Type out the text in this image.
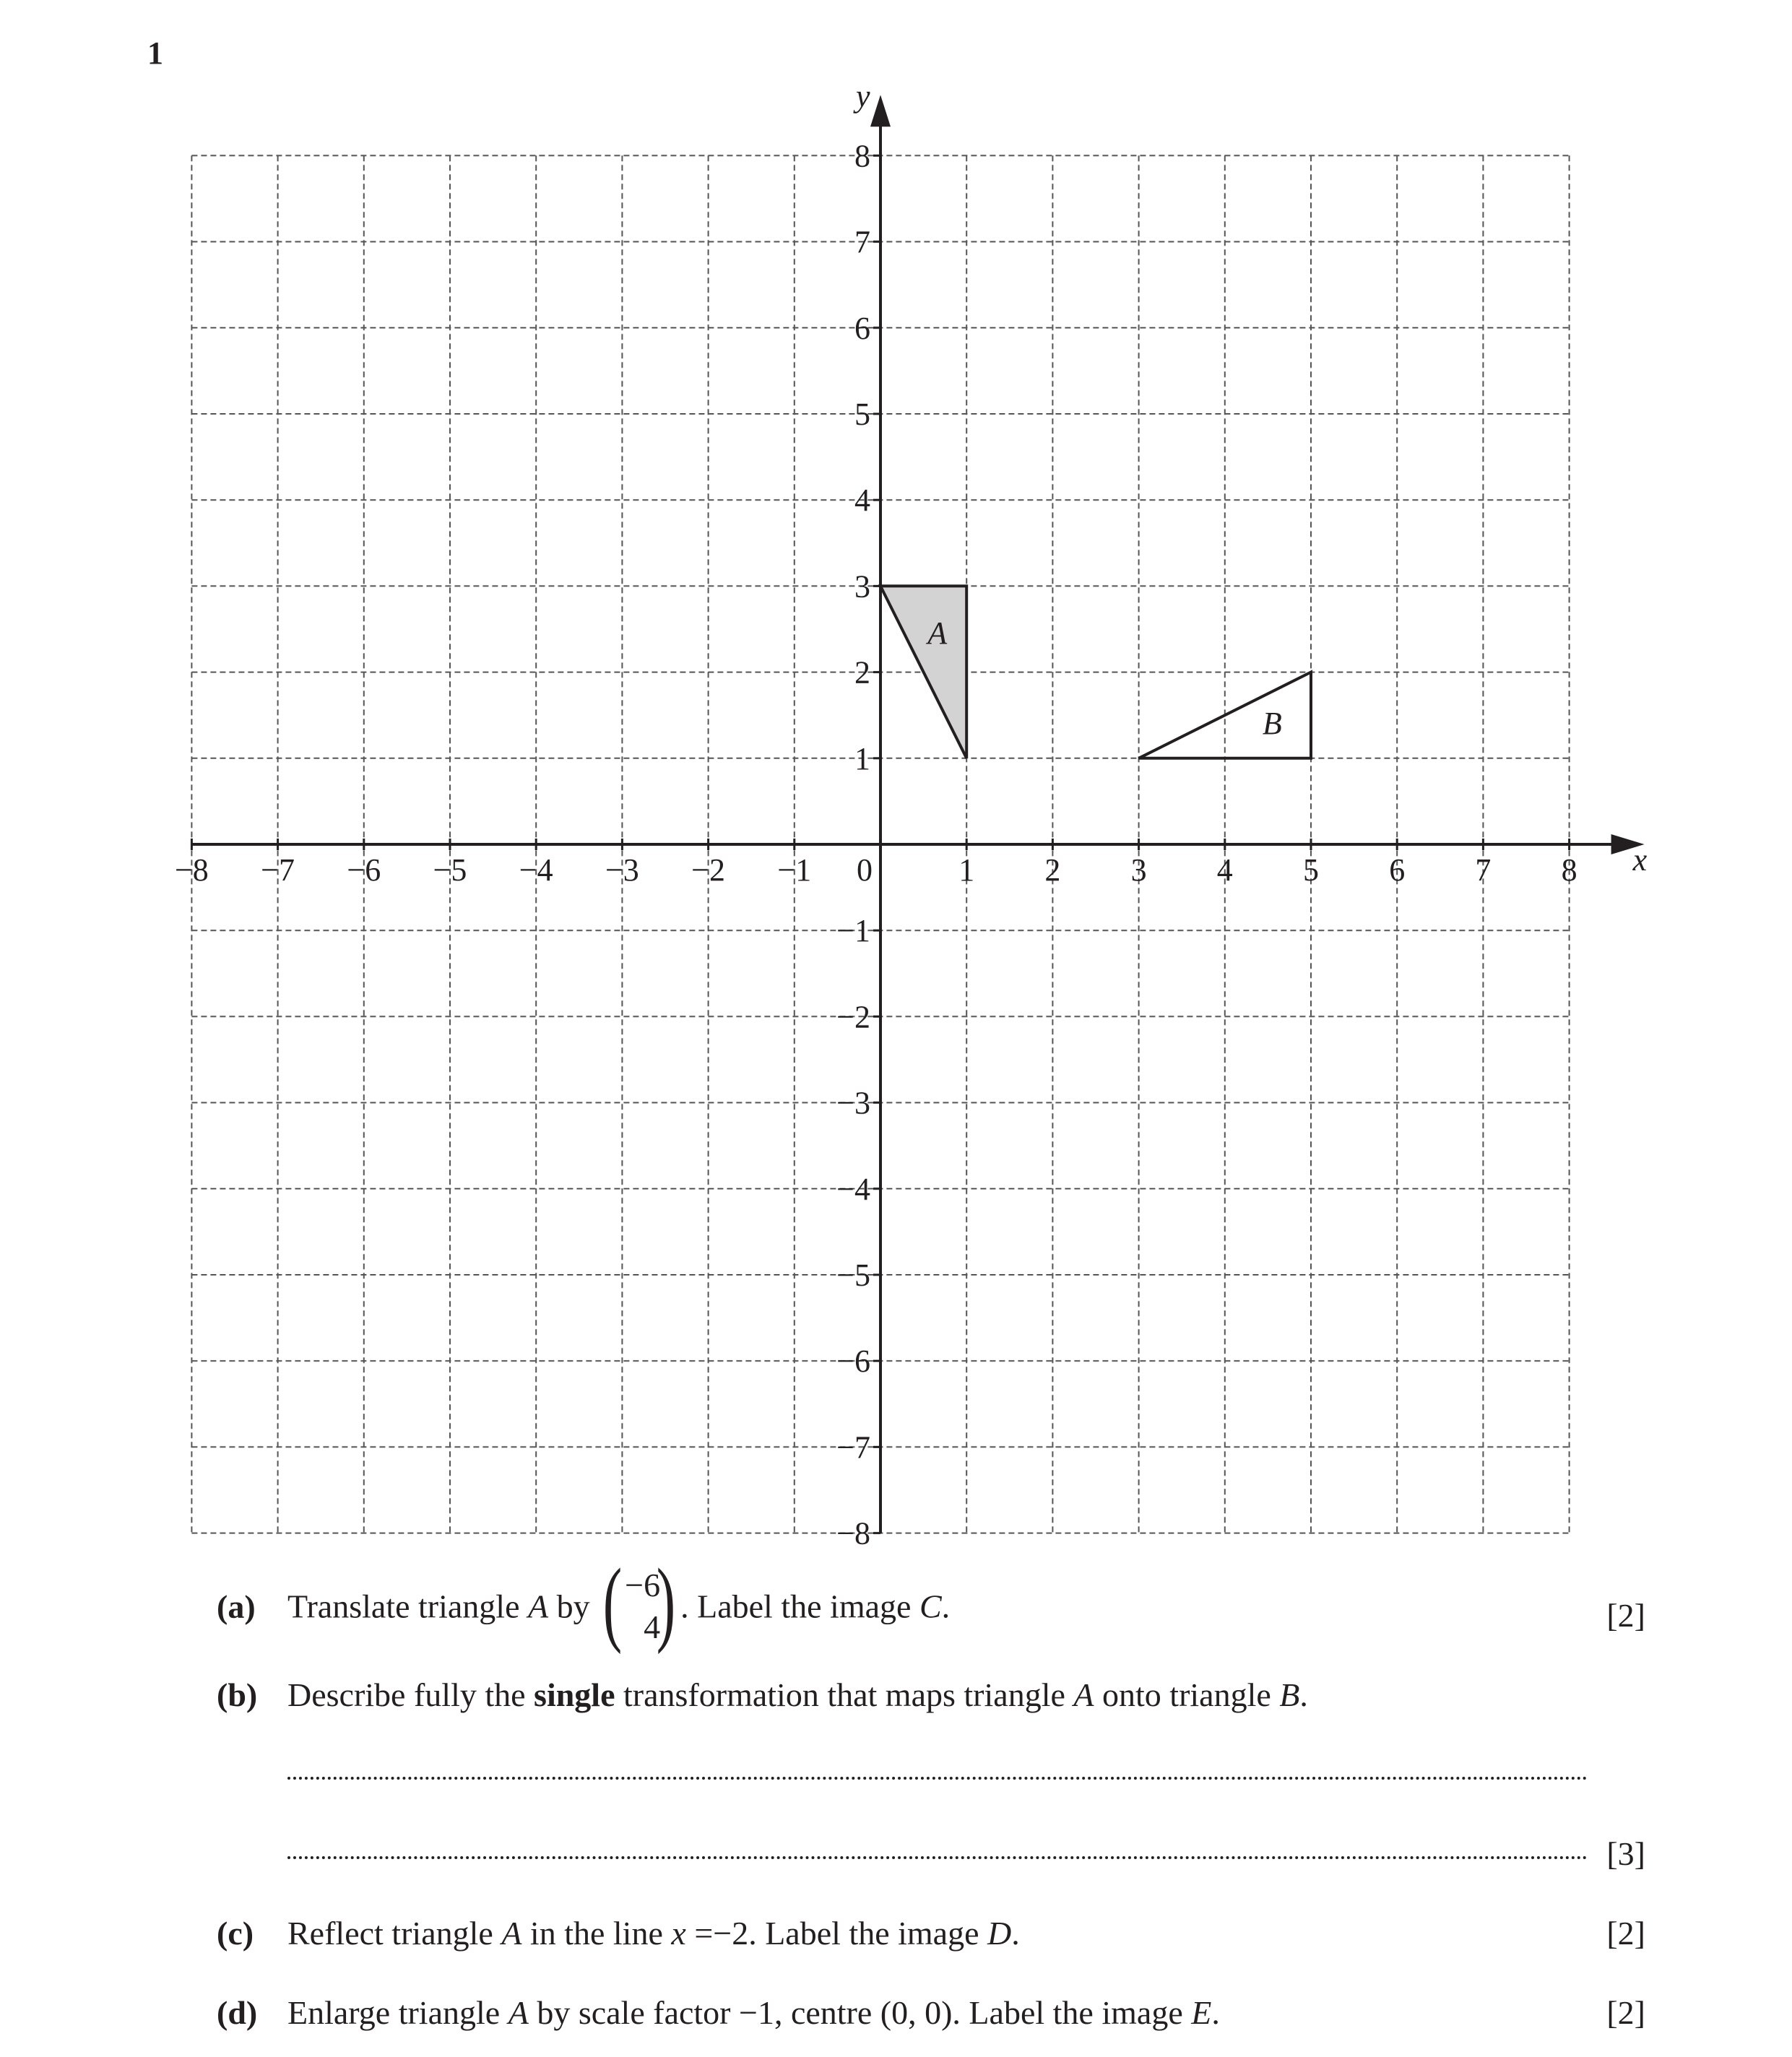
1
−8 −7 −6 −5 −4 −3 −2 −1	1 2 3 4 5 6 7 8
0
1
2
3
4
5
6
7
8
−1
−2
−3
−4
−5
−6
−7
−8
x
y
A
B
(a) Translate triangle A by ( −6
4
) . Label the image C.	[2]
(b) Describe fully the single transformation that maps triangle A onto triangle B.
[3]
(c) Reflect triangle A in the line x =−2. Label the image D.	[2]
(d) Enlarge triangle A by scale factor −1, centre (0, 0). Label the image E.	[2]
